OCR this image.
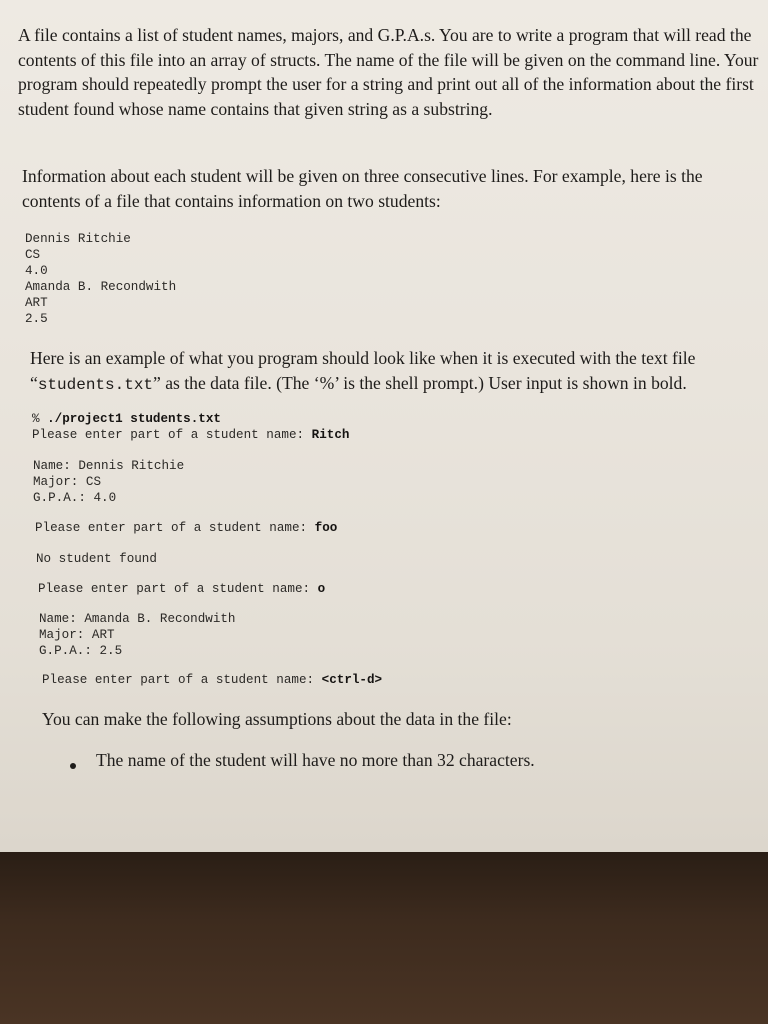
A file contains a list of student names, majors, and G.P.A.s. You are to write a program that will read the contents of this file into an array of structs. The name of the file will be given on the command line. Your program should repeatedly prompt the user for a string and print out all of the information about the first student found whose name contains that given string as a substring.

Information about each student will be given on three consecutive lines. For example, here is the contents of a file that contains information on two students:

Dennis Ritchie
CS
4.0
Amanda B. Recondwith
ART
2.5

Here is an example of what you program should look like when it is executed with the text file “students.txt” as the data file. (The ‘%’ is the shell prompt.) User input is shown in bold.

% ./project1 students.txt
Please enter part of a student name: Ritch
Name: Dennis Ritchie
Major: CS
G.P.A.: 4.0
Please enter part of a student name: foo
No student found
Please enter part of a student name: o
Name: Amanda B. Recondwith
Major: ART
G.P.A.: 2.5
Please enter part of a student name: <ctrl-d>

You can make the following assumptions about the data in the file:

The name of the student will have no more than 32 characters.
